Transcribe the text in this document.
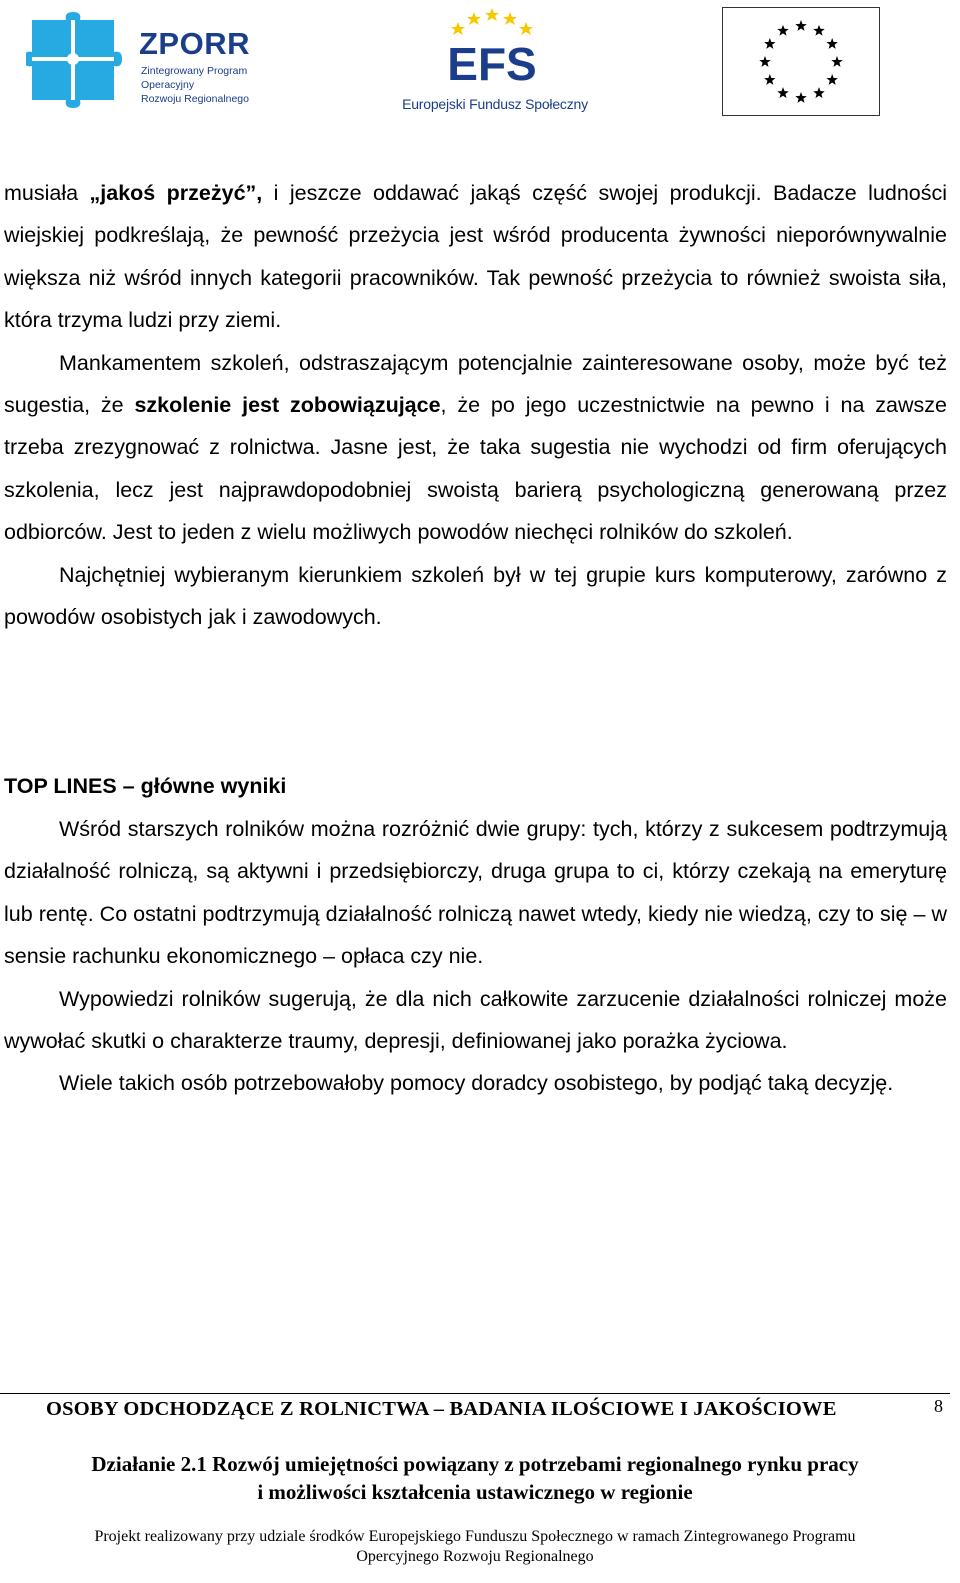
ZPORR
Zintegrowany Program
Operacyjny
Rozwoju Regionalnego
EFS
Europejski Fundusz Społeczny

musiała „jakoś przeżyć”, i jeszcze oddawać jakąś część swojej produkcji. Badacze ludności wiejskiej podkreślają, że pewność przeżycia jest wśród producenta żywności nieporównywalnie większa niż wśród innych kategorii pracowników. Tak pewność przeżycia to również swoista siła, która trzyma ludzi przy ziemi.

Mankamentem szkoleń, odstraszającym potencjalnie zainteresowane osoby, może być też sugestia, że szkolenie jest zobowiązujące, że po jego uczestnictwie na pewno i na zawsze trzeba zrezygnować z rolnictwa. Jasne jest, że taka sugestia nie wychodzi od firm oferujących szkolenia, lecz jest najprawdopodobniej swoistą barierą psychologiczną generowaną przez odbiorców. Jest to jeden z wielu możliwych powodów niechęci rolników do szkoleń.

Najchętniej wybieranym kierunkiem szkoleń był w tej grupie kurs komputerowy, zarówno z powodów osobistych jak i zawodowych.

TOP LINES – główne wyniki

Wśród starszych rolników można rozróżnić dwie grupy: tych, którzy z sukcesem podtrzymują działalność rolniczą, są aktywni i przedsiębiorczy, druga grupa to ci, którzy czekają na emeryturę lub rentę. Co ostatni podtrzymują działalność rolniczą nawet wtedy, kiedy nie wiedzą, czy to się – w sensie rachunku ekonomicznego – opłaca czy nie.

Wypowiedzi rolników sugerują, że dla nich całkowite zarzucenie działalności rolniczej może wywołać skutki o charakterze traumy, depresji, definiowanej jako porażka życiowa.

Wiele takich osób potrzebowałoby pomocy doradcy osobistego, by podjąć taką decyzję.

OSOBY ODCHODZĄCE Z ROLNICTWA – BADANIA ILOŚCIOWE I JAKOŚCIOWE	8
Działanie 2.1 Rozwój umiejętności powiązany z potrzebami regionalnego rynku pracy
i możliwości kształcenia ustawicznego w regionie
Projekt realizowany przy udziale środków Europejskiego Funduszu Społecznego w ramach Zintegrowanego Programu
Opercyjnego Rozwoju Regionalnego
